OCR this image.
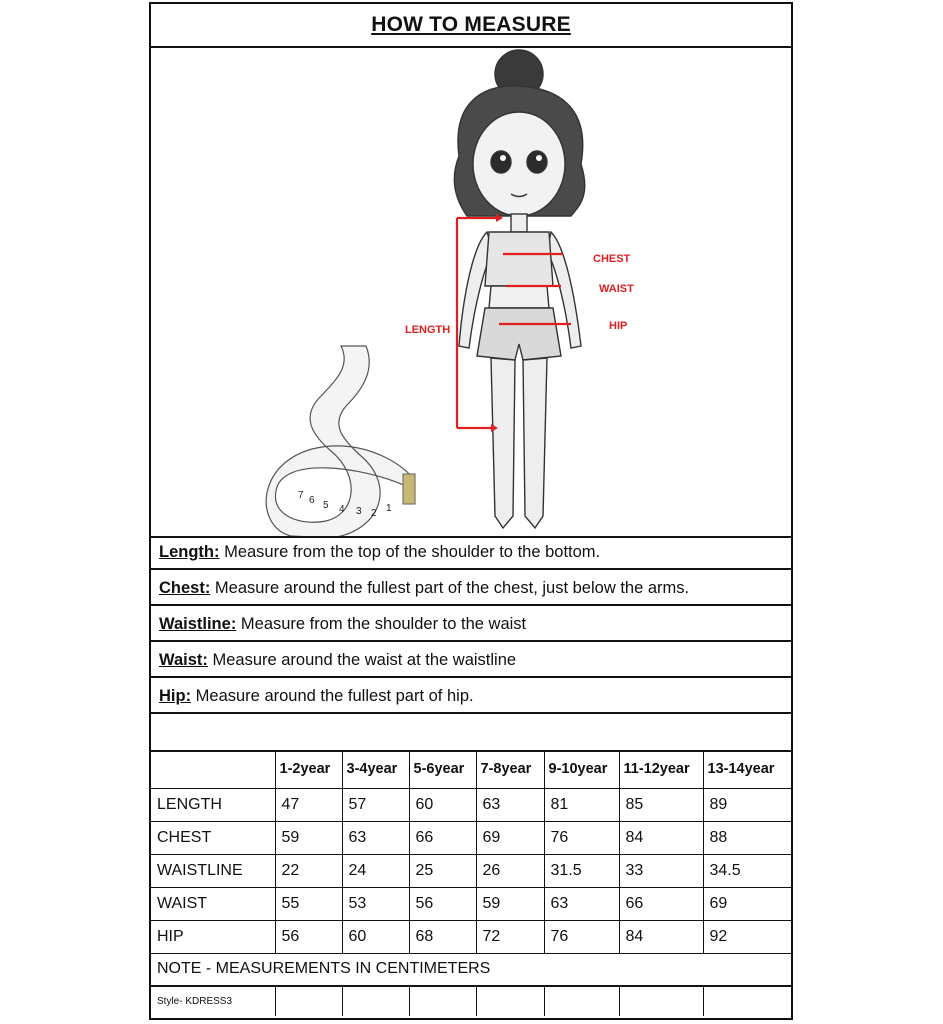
HOW TO MEASURE
1
2
3
4
5
6
7
CHEST
WAIST
HIP
LENGTH
Length: Measure from the top of the shoulder to the bottom.
Chest: Measure around the fullest part of the chest, just below the arms.
Waistline: Measure from the shoulder to the waist
Waist: Measure around the waist at the waistline
Hip: Measure around the fullest part of hip.
	1-2year	3-4year	5-6year	7-8year	9-10year	11-12year	13-14year
LENGTH	47	57	60	63	81	85	89
CHEST	59	63	66	69	76	84	88
WAISTLINE	22	24	25	26	31.5	33	34.5
WAIST	55	53	56	59	63	66	69
HIP	56	60	68	72	76	84	92
NOTE - MEASUREMENTS IN CENTIMETERS							
Style- KDRESS3							
